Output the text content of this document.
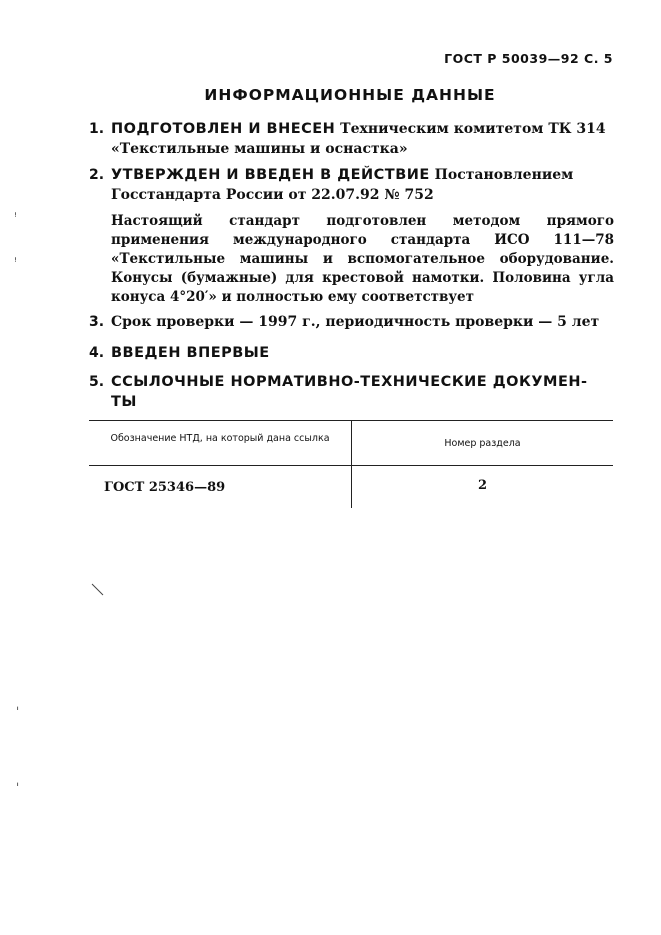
ГОСТ Р 50039—92 С. 5
ИНФОРМАЦИОННЫЕ ДАННЫЕ
1. ПОДГОТОВЛЕН И ВНЕСЕН Техническим комитетом ТК 314
«Текстильные машины и оснастка»
2. УТВЕРЖДЕН И ВВЕДЕН В ДЕЙСТВИЕ Постановлением
Госстандарта России от 22.07.92 № 752
Настоящий стандарт подготовлен методом прямого применения международного стандарта ИСО 111—78 «Текстильные машины и вспомогательное оборудование. Конусы (бумажные) для крестовой намотки. Половина угла конуса 4°20′» и полностью ему соответствует
3. Срок проверки — 1997 г., периодичность проверки — 5 лет
4. ВВЕДЕН ВПЕРВЫЕ
5. ССЫЛОЧНЫЕ НОРМАТИВНО-ТЕХНИЧЕСКИЕ ДОКУМЕН-
ТЫ
Обозначение НТД, на который дана ссылка	Номер раздела
ГОСТ 25346—89	2
ꜝ
ꜝ
ˈ
ˌ
